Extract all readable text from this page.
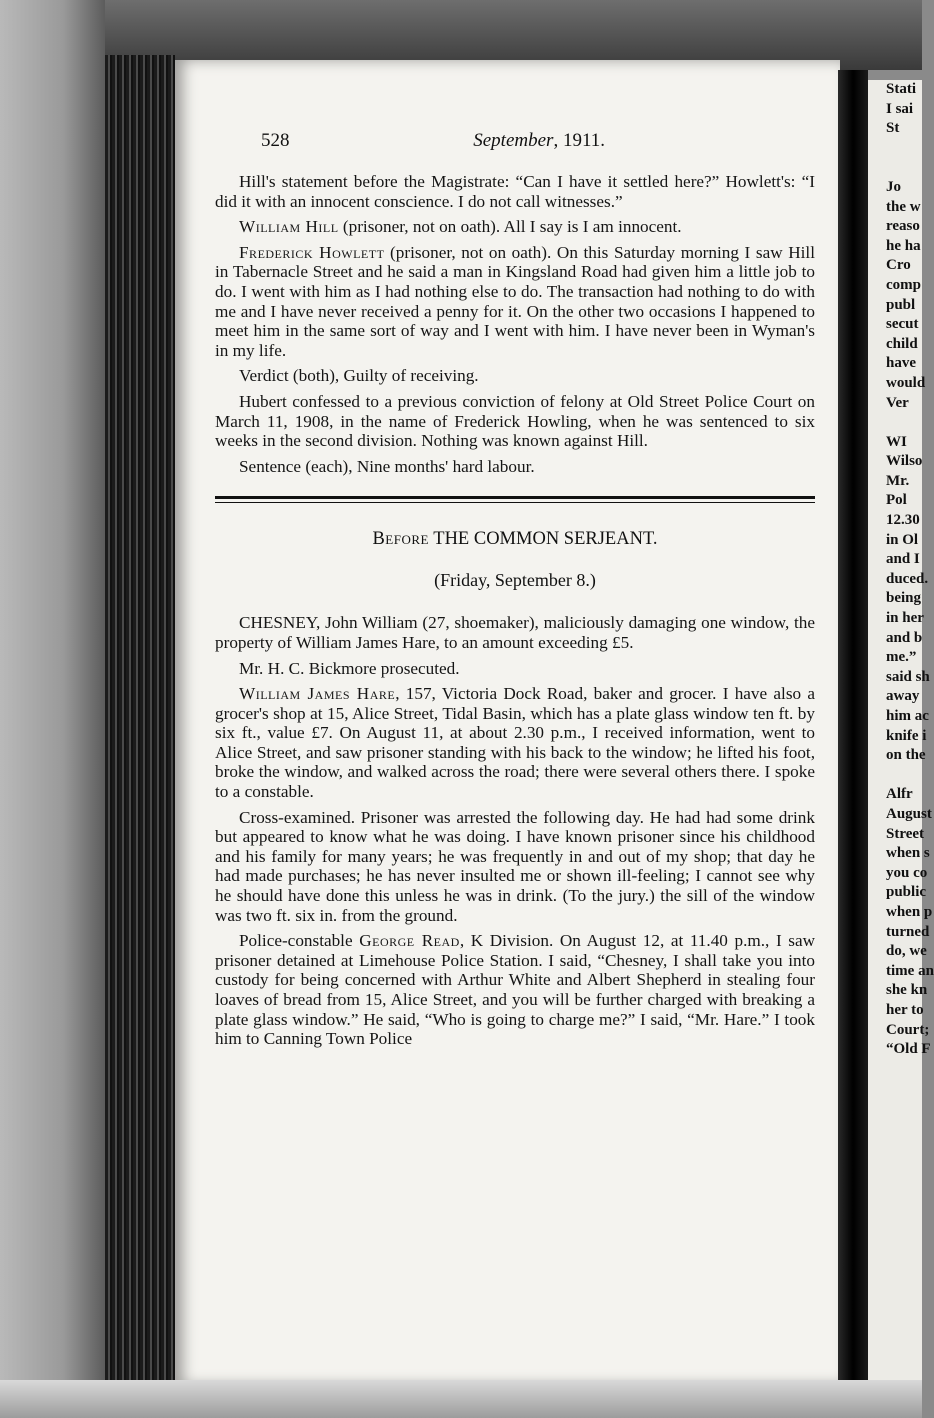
528	September, 1911.

Hill's statement before the Magistrate: “Can I have it settled here?” Howlett's: “I did it with an innocent conscience. I do not call witnesses.”

William Hill (prisoner, not on oath). All I say is I am innocent.

Frederick Howlett (prisoner, not on oath). On this Saturday morning I saw Hill in Tabernacle Street and he said a man in Kingsland Road had given him a little job to do. I went with him as I had nothing else to do. The transaction had nothing to do with me and I have never received a penny for it. On the other two occasions I happened to meet him in the same sort of way and I went with him. I have never been in Wyman's in my life.

Verdict (both), Guilty of receiving.

Hubert confessed to a previous conviction of felony at Old Street Police Court on March 11, 1908, in the name of Frederick Howling, when he was sentenced to six weeks in the second division. Nothing was known against Hill.

Sentence (each), Nine months' hard labour.

Before THE COMMON SERJEANT.
(Friday, September 8.)

CHESNEY, John William (27, shoemaker), maliciously damaging one window, the property of William James Hare, to an amount exceeding £5.

Mr. H. C. Bickmore prosecuted.

William James Hare, 157, Victoria Dock Road, baker and grocer. I have also a grocer's shop at 15, Alice Street, Tidal Basin, which has a plate glass window ten ft. by six ft., value £7. On August 11, at about 2.30 p.m., I received information, went to Alice Street, and saw prisoner standing with his back to the window; he lifted his foot, broke the window, and walked across the road; there were several others there. I spoke to a constable.

Cross-examined. Prisoner was arrested the following day. He had had some drink but appeared to know what he was doing. I have known prisoner since his childhood and his family for many years; he was frequently in and out of my shop; that day he had made purchases; he has never insulted me or shown ill-feeling; I cannot see why he should have done this unless he was in drink. (To the jury.) the sill of the window was two ft. six in. from the ground.

Police-constable George Read, K Division. On August 12, at 11.40 p.m., I saw prisoner detained at Limehouse Police Station. I said, “Chesney, I shall take you into custody for being concerned with Arthur White and Albert Shepherd in stealing four loaves of bread from 15, Alice Street, and you will be further charged with breaking a plate glass window.” He said, “Who is going to charge me?” I said, “Mr. Hare.” I took him to Canning Town Police

Stati
I sai
St

Jo
the w
reaso
he ha
Cro
comp
publ
secut
child
have
would
Ver

WI
Wilso
Mr.
Pol
12.30
in Ol
and I
duced.
being
in her
and b
me.”
said sh
away
him ac
knife i
on the

Alfr
August
Street
when s
you co
public
when p
turned
do, we
time an
she kn
her to
Court;
“Old F
